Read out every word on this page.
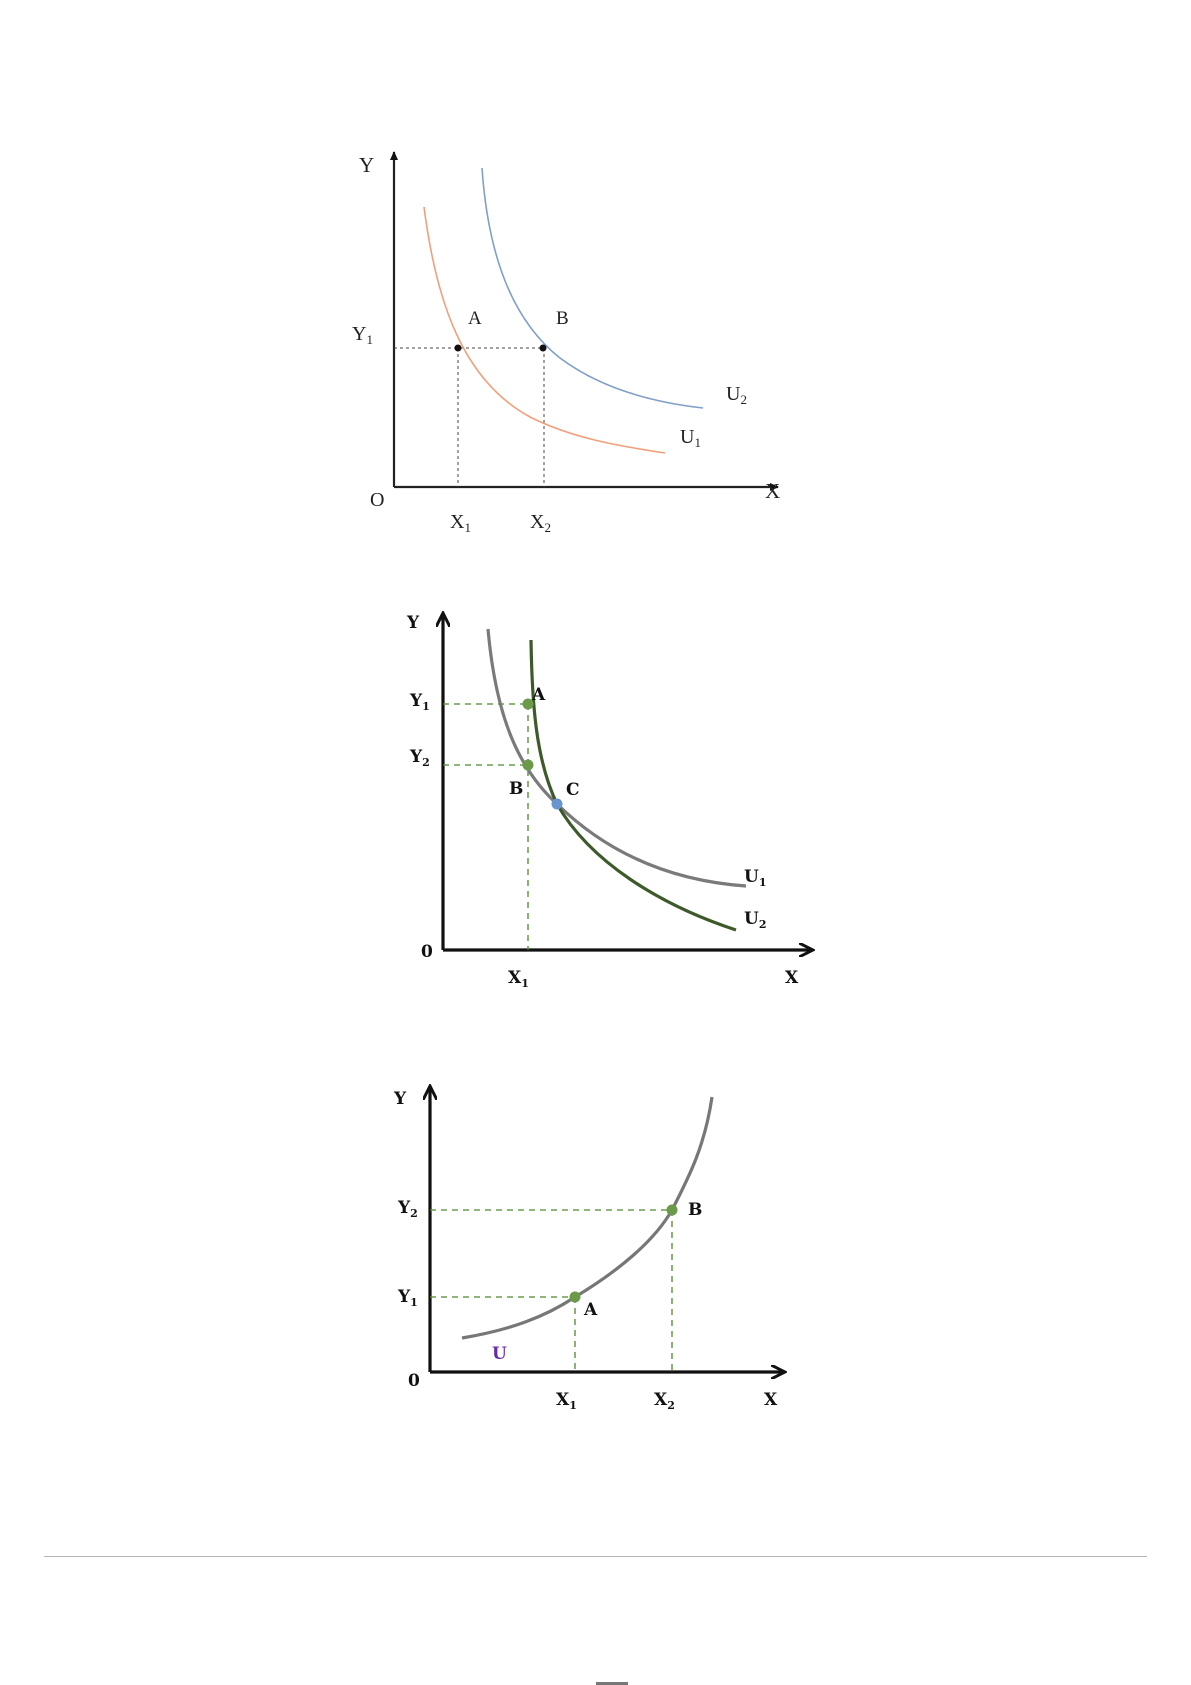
Y
X
O
$Y_1$
$X_1$	$X_2$
A	B
$U_1$
$U_2$
Y
X
0
$Y_1$
$Y_2$
$X_1$
A
B	C
$U_1$
$U_2$
Y
X
0
$Y_2$
$Y_1$
$X_1$	$X_2$
A
B
U
